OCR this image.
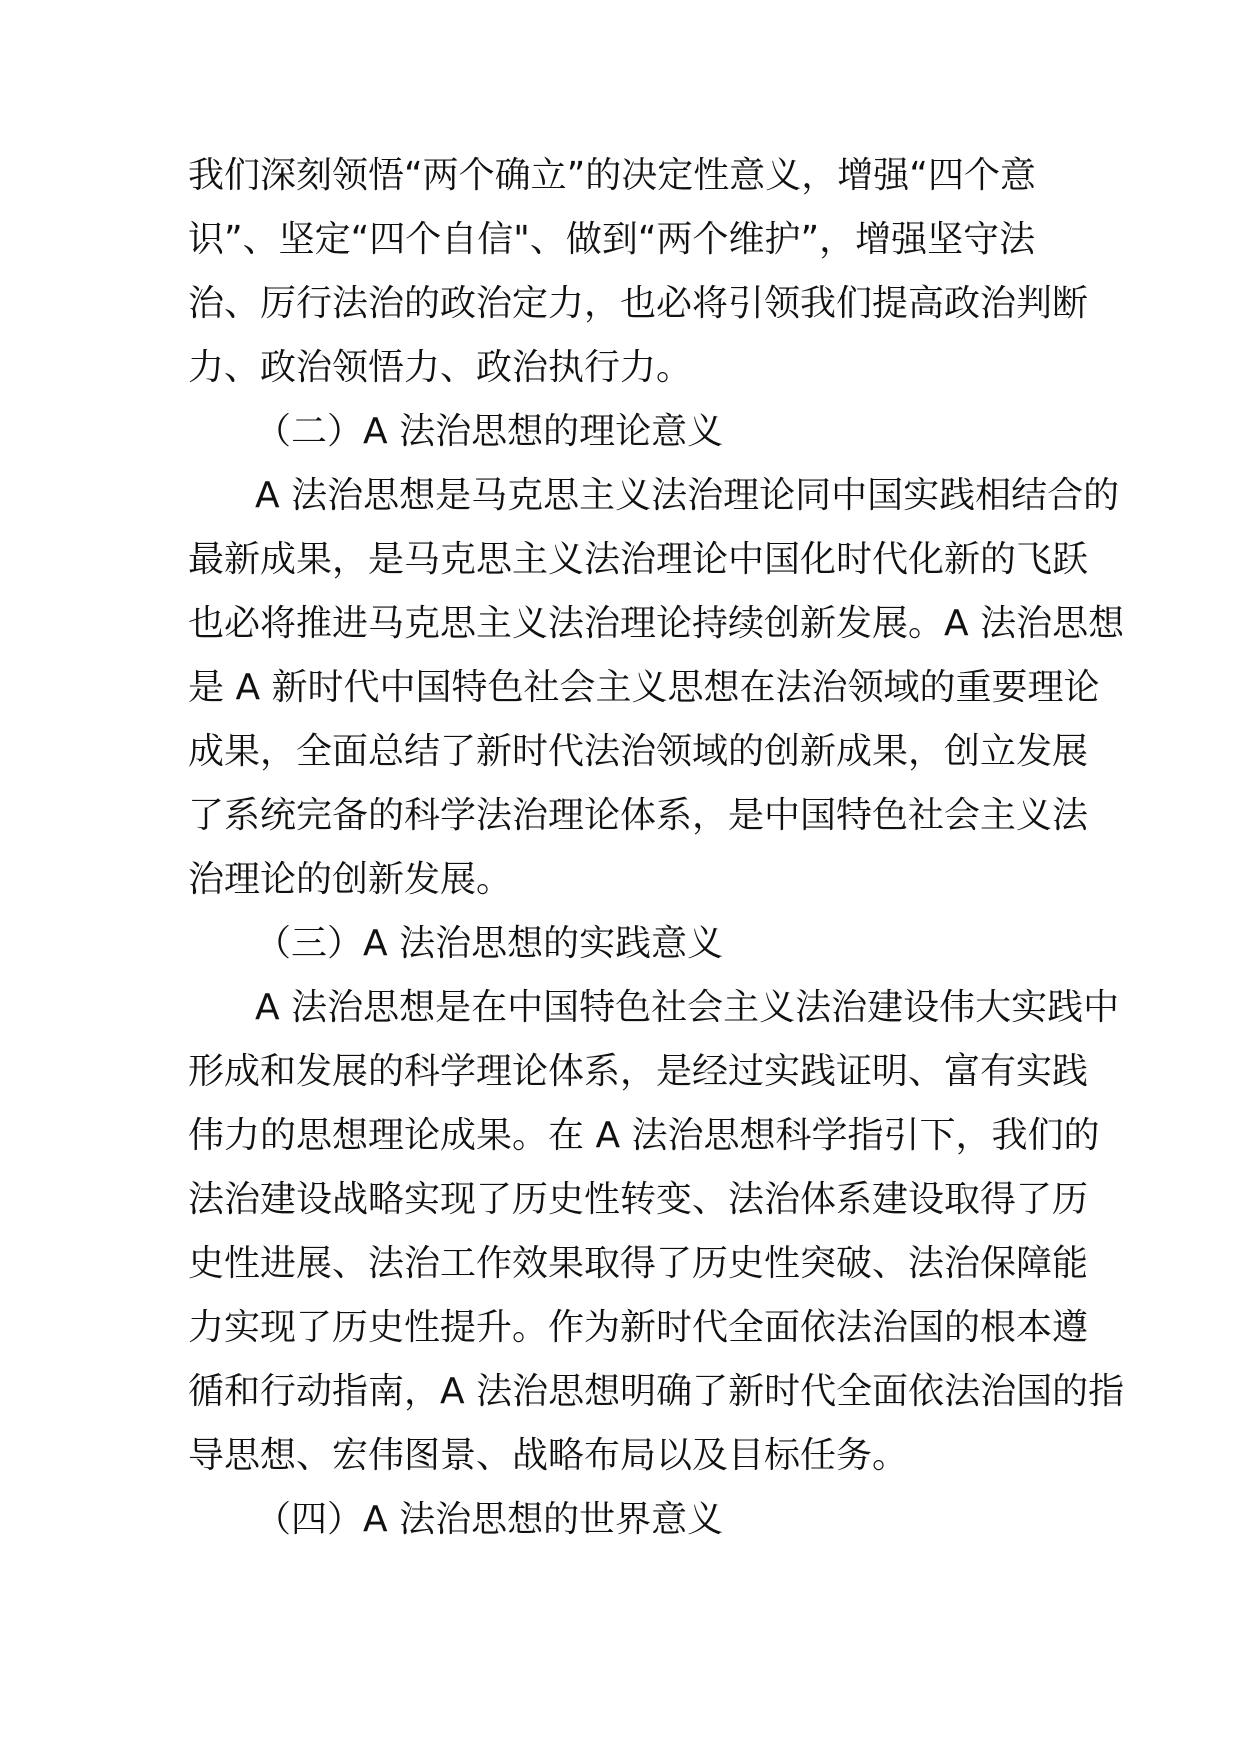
我们深刻领悟“两个确立”的决定性意义，增强“四个意
识”、坚定“四个自信"、做到“两个维护”，增强坚守法
治、厉行法治的政治定力，也必将引领我们提高政治判断
力、政治领悟力、政治执行力。
（二）A 法治思想的理论意义
A 法治思想是马克思主义法治理论同中国实践相结合的
最新成果，是马克思主义法治理论中国化时代化新的飞跃
也必将推进马克思主义法治理论持续创新发展。A 法治思想
是 A 新时代中国特色社会主义思想在法治领域的重要理论
成果，全面总结了新时代法治领域的创新成果，创立发展
了系统完备的科学法治理论体系，是中国特色社会主义法
治理论的创新发展。
（三）A 法治思想的实践意义
A 法治思想是在中国特色社会主义法治建设伟大实践中
形成和发展的科学理论体系，是经过实践证明、富有实践
伟力的思想理论成果。在 A 法治思想科学指引下，我们的
法治建设战略实现了历史性转变、法治体系建设取得了历
史性进展、法治工作效果取得了历史性突破、法治保障能
力实现了历史性提升。作为新时代全面依法治国的根本遵
循和行动指南，A 法治思想明确了新时代全面依法治国的指
导思想、宏伟图景、战略布局以及目标任务。
（四）A 法治思想的世界意义
